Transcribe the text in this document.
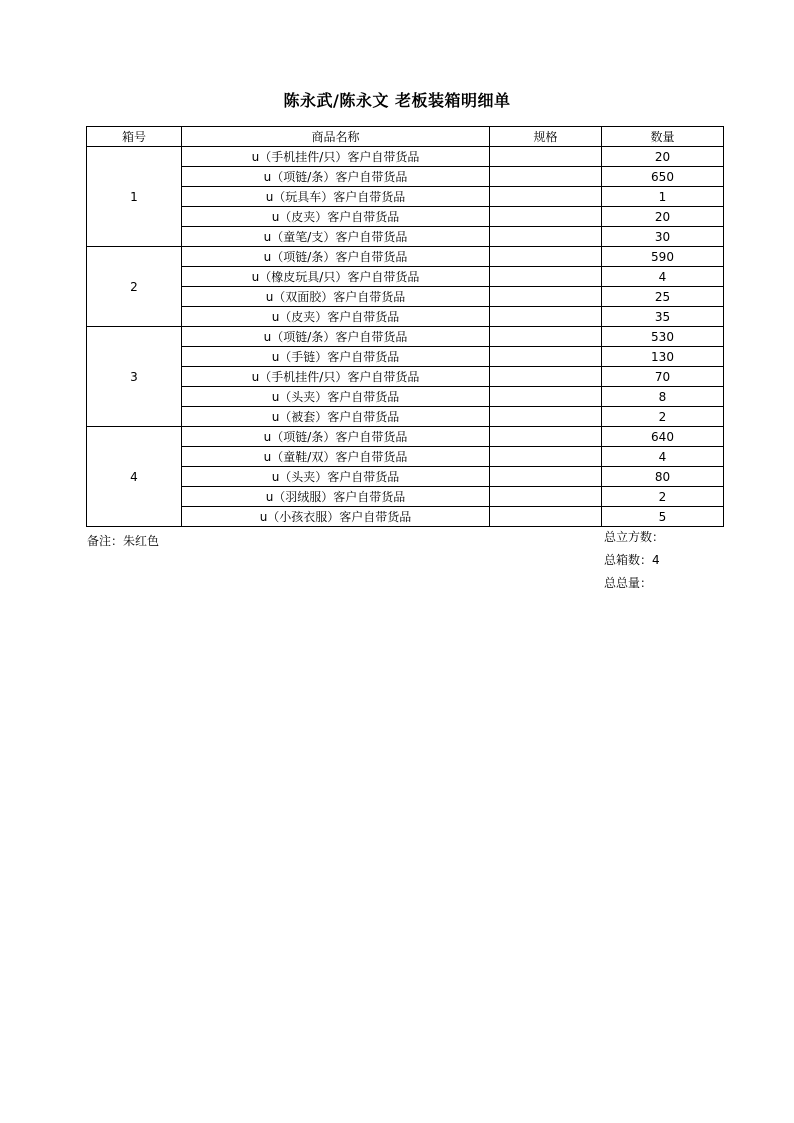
陈永武/陈永文 老板装箱明细单
箱号	商品名称	规格	数量
1	u（手机挂件/只）客户自带货品		20
	u（项链/条）客户自带货品		650
	u（玩具车）客户自带货品		1
	u（皮夹）客户自带货品		20
	u（童笔/支）客户自带货品		30
2	u（项链/条）客户自带货品		590
	u（橡皮玩具/只）客户自带货品		4
	u（双面胶）客户自带货品		25
	u（皮夹）客户自带货品		35
3	u（项链/条）客户自带货品		530
	u（手链）客户自带货品		130
	u（手机挂件/只）客户自带货品		70
	u（头夹）客户自带货品		8
	u（被套）客户自带货品		2
4	u（项链/条）客户自带货品		640
	u（童鞋/双）客户自带货品		4
	u（头夹）客户自带货品		80
	u（羽绒服）客户自带货品		2
	u（小孩衣服）客户自带货品		5
备注：朱红色	总立方数：
总箱数：4
总总量：
